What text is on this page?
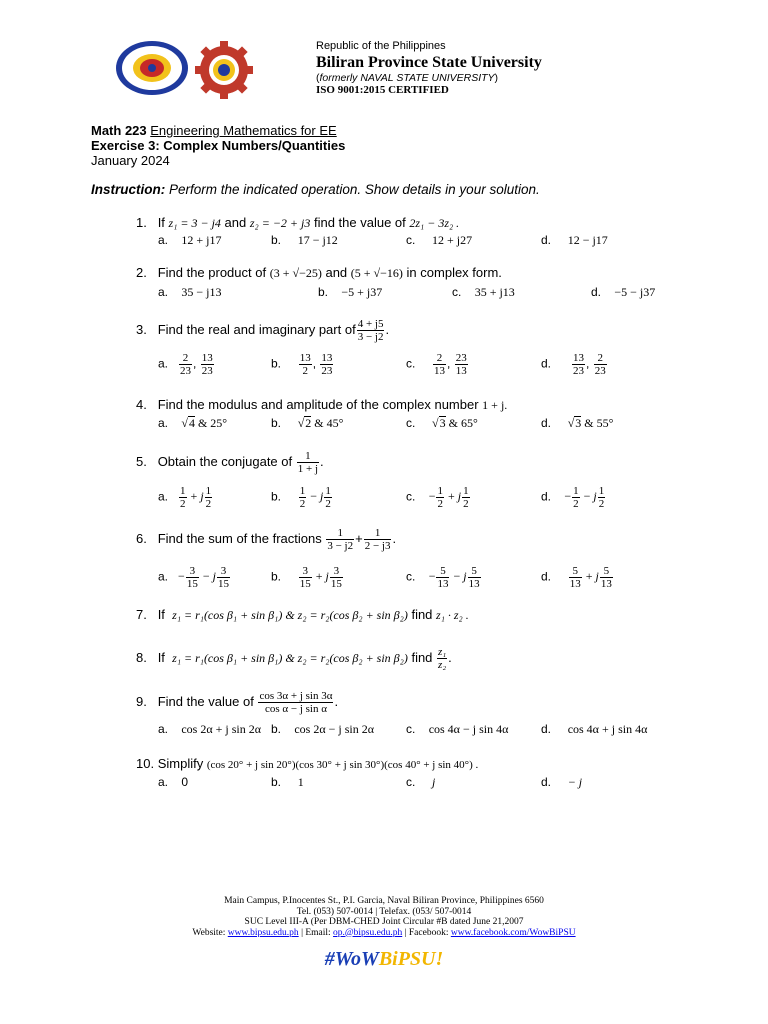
Republic of the Philippines
Biliran Province State University
(formerly NAVAL STATE UNIVERSITY)
ISO 9001:2015 CERTIFIED
Math 223 Engineering Mathematics for EE
Exercise 3: Complex Numbers/Quantities
January 2024
Instruction: Perform the indicated operation. Show details in your solution.
1. If z₁ = 3 − j4 and z₂ = −2 + j3 find the value of 2z₁ − 3z₂ .
a. 12 + j17	b. 17 − j12	c. 12 + j27	d. 12 − j17
2. Find the product of (3 + √−25) and (5 + √−16) in complex form.
a. 35 − j13	b. −5 + j37	c. 35 + j13	d. −5 − j37
3. Find the real and imaginary part of $\frac{4 + j5}{3 - j2}$ .
a. $\frac{2}{23}$ , $\frac{13}{23}$	b. $\frac{13}{2}$ , $\frac{13}{23}$	c. $\frac{2}{13}$ , $\frac{23}{13}$	d. $\frac{13}{23}$ , $\frac{2}{23}$
4. Find the modulus and amplitude of the complex number 1 + j.
a. √4 & 25°	b. √2 & 45°	c. √3 & 65°	d. √3 & 55°
5. Obtain the conjugate of $\frac{1}{1 + j}$ .
a. $\frac{1}{2} + j \frac{1}{2}$	b. $\frac{1}{2} - j \frac{1}{2}$	c. − $\frac{1}{2} + j \frac{1}{2}$	d. − $\frac{1}{2} - j \frac{1}{2}$
6. Find the sum of the fractions $\frac{1}{3 - j2} + \frac{1}{2 - j3}$ .
a. − $\frac{3}{15} - j \frac{3}{15}$	b. $\frac{3}{15} + j \frac{3}{15}$	c. − $\frac{5}{13} - j \frac{5}{13}$	d. $\frac{5}{13} + j \frac{5}{13}$
7. If z₁ = r₁(cos β₁ + sin β₁) & z₂ = r₂(cos β₂ + sin β₂) find z₁ · z₂ .
8. If z₁ = r₁(cos β₁ + sin β₁) & z₂ = r₂(cos β₂ + sin β₂) find $\frac{\text{z₁}}{\text{z₂}}$ .
9. Find the value of $\frac{\text{cos 3α + j sin 3α}}{\text{cos α − j sin α}}$ .
a. cos 2α + j sin 2α b. cos 2α − j sin 2α	c. cos 4α − j sin 4α	d. cos 4α + j sin 4α
10. Simplify (cos 20° + j sin 20°)(cos 30° + j sin 30°)(cos 40° + j sin 40°) .
a. 0	b. 1	c. j	d. − j
Main Campus, P.Inocentes St., P.I. Garcia, Naval Biliran Province, Philippines 6560
Tel. (053) 507-0014 | Telefax. (053/ 507-0014
SUC Level III-A (Per DBM-CHED Joint Circular #B dated June 21,2007
Website: www.bipsu.edu.ph | Email: op.@bipsu.edu.ph | Facebook: www.facebook.com/WowBiPSU
#WoWBiPSU!
